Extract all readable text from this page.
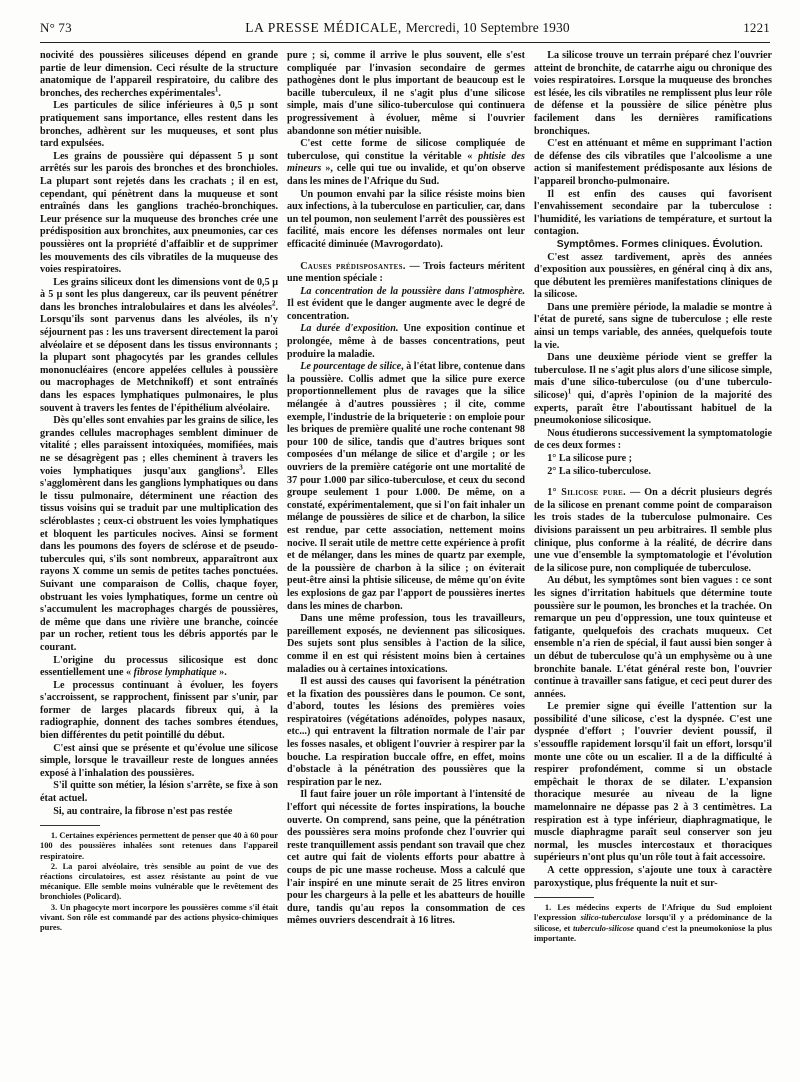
N° 73	LA PRESSE MÉDICALE, Mercredi, 10 Septembre 1930	1221

nocivité des poussières siliceuses dépend en grande partie de leur dimension. Ceci résulte de la structure anatomique de l'appareil respiratoire, du calibre des bronches, des recherches expérimentales$^1$.

Les particules de silice inférieures à 0,5 μ sont pratiquement sans importance, elles restent dans les bronches, adhèrent sur les muqueuses, et sont plus tard expulsées.

Les grains de poussière qui dépassent 5 μ sont arrêtés sur les parois des bronches et des bronchioles. La plupart sont rejetés dans les crachats ; il en est, cependant, qui pénètrent dans la muqueuse et sont entraînés dans les ganglions trachéo-bronchiques. Leur présence sur la muqueuse des bronches crée une prédisposition aux bronchites, aux pneumonies, car ces poussières ont la propriété d'affaiblir et de supprimer les mouvements des cils vibratiles de la muqueuse des voies respiratoires.

Les grains siliceux dont les dimensions vont de 0,5 μ à 5 μ sont les plus dangereux, car ils peuvent pénétrer dans les bronches intralobulaires et dans les alvéoles$^2$. Lorsqu'ils sont parvenus dans les alvéoles, ils n'y séjournent pas : les uns traversent directement la paroi alvéolaire et se déposent dans les tissus environnants ; la plupart sont phagocytés par les grandes cellules mononucléaires (encore appelées cellules à poussière ou macrophages de Metchnikoff) et sont entraînés dans les espaces lymphatiques pulmonaires, le plus souvent à travers les fentes de l'épithélium alvéolaire.

Dès qu'elles sont envahies par les grains de silice, les grandes cellules macrophages semblent diminuer de vitalité ; elles paraissent intoxiquées, momifiées, mais ne se désagrègent pas ; elles cheminent à travers les voies lymphatiques jusqu'aux ganglions$^3$. Elles s'agglomèrent dans les ganglions lymphatiques ou dans le tissu pulmonaire, déterminent une réaction des tissus voisins qui se traduit par une multiplication des scléroblastes ; ceux-ci obstruent les voies lymphatiques et bloquent les particules nocives. Ainsi se forment dans les poumons des foyers de sclérose et de pseudo-tubercules qui, s'ils sont nombreux, apparaîtront aux rayons X comme un semis de petites taches ponctuées. Suivant une comparaison de Collis, chaque foyer, obstruant les voies lymphatiques, forme un centre où s'accumulent les macrophages chargés de poussières, de même que dans une rivière une branche, coincée par un rocher, retient tous les débris apportés par le courant.

L'origine du processus silicosique est donc essentiellement une « fibrose lymphatique ».

Le processus continuant à évoluer, les foyers s'accroissent, se rapprochent, finissent par s'unir, par former de larges placards fibreux qui, à la radiographie, donnent des taches sombres étendues, bien différentes du petit pointillé du début.

C'est ainsi que se présente et qu'évolue une silicose simple, lorsque le travailleur reste de longues années exposé à l'inhalation des poussières.

S'il quitte son métier, la lésion s'arrête, se fixe à son état actuel.

Si, au contraire, la fibrose n'est pas restée

1. Certaines expériences permettent de penser que 40 à 60 pour 100 des poussières inhalées sont retenues dans l'appareil respiratoire.

2. La paroi alvéolaire, très sensible au point de vue des réactions circulatoires, est assez résistante au point de vue mécanique. Elle semble moins vulnérable que le revêtement des bronchioles (Policard).

3. Un phagocyte mort incorpore les poussières comme s'il était vivant. Son rôle est commandé par des actions physico-chimiques pures.

pure ; si, comme il arrive le plus souvent, elle s'est compliquée par l'invasion secondaire de germes pathogènes dont le plus important de beaucoup est le bacille tuberculeux, il ne s'agit plus d'une silicose simple, mais d'une silico-tuberculose qui continuera progressivement à évoluer, même si l'ouvrier abandonne son métier nuisible.

C'est cette forme de silicose compliquée de tuberculose, qui constitue la véritable « phtisie des mineurs », celle qui tue ou invalide, et qu'on observe dans les mines de l'Afrique du Sud.

Un poumon envahi par la silice résiste moins bien aux infections, à la tuberculose en particulier, car, dans un tel poumon, non seulement l'arrêt des poussières est facilité, mais encore les défenses normales ont leur efficacité diminuée (Mavrogordato).

Causes prédisposantes. — Trois facteurs méritent une mention spéciale :

La concentration de la poussière dans l'atmosphère. Il est évident que le danger augmente avec le degré de concentration.

La durée d'exposition. Une exposition continue et prolongée, même à de basses concentrations, peut produire la maladie.

Le pourcentage de silice, à l'état libre, contenue dans la poussière. Collis admet que la silice pure exerce proportionnellement plus de ravages que la silice mélangée à d'autres poussières ; il cite, comme exemple, l'industrie de la briqueterie : on emploie pour les briques de première qualité une roche contenant 98 pour 100 de silice, tandis que d'autres briques sont composées d'un mélange de silice et d'argile ; or les ouvriers de la première catégorie ont une mortalité de 37 pour 1.000 par silico-tuberculose, et ceux du second groupe seulement 1 pour 1.000. De même, on a constaté, expérimentalement, que si l'on fait inhaler un mélange de poussières de silice et de charbon, la silice est rendue, par cette association, nettement moins nocive. Il serait utile de mettre cette expérience à profit et de mélanger, dans les mines de quartz par exemple, de la poussière de charbon à la silice ; on éviterait peut-être ainsi la phtisie siliceuse, de même qu'on évite les explosions de gaz par l'apport de poussières inertes dans les mines de charbon.

Dans une même profession, tous les travailleurs, pareillement exposés, ne deviennent pas silicosiques. Des sujets sont plus sensibles à l'action de la silice, comme il en est qui résistent moins bien à certaines maladies ou à certaines intoxications.

Il est aussi des causes qui favorisent la pénétration et la fixation des poussières dans le poumon. Ce sont, d'abord, toutes les lésions des premières voies respiratoires (végétations adénoïdes, polypes nasaux, etc...) qui entravent la filtration normale de l'air par les fosses nasales, et obligent l'ouvrier à respirer par la bouche. La respiration buccale offre, en effet, moins d'obstacle à la pénétration des poussières que la respiration par le nez.

Il faut faire jouer un rôle important à l'intensité de l'effort qui nécessite de fortes inspirations, la bouche ouverte. On comprend, sans peine, que la pénétration des poussières sera moins profonde chez l'ouvrier qui reste tranquillement assis pendant son travail que chez cet autre qui fait de violents efforts pour abattre à coups de pic une masse rocheuse. Moss a calculé que l'air inspiré en une minute serait de 25 litres environ pour les chargeurs à la pelle et les abatteurs de houille dure, tandis qu'au repos la consommation de ces mêmes ouvriers descendrait à 16 litres.

La silicose trouve un terrain préparé chez l'ouvrier atteint de bronchite, de catarrhe aigu ou chronique des voies respiratoires. Lorsque la muqueuse des bronches est lésée, les cils vibratiles ne remplissent plus leur rôle de défense et la poussière de silice pénètre plus facilement dans les dernières ramifications bronchiques.

C'est en atténuant et même en supprimant l'action de défense des cils vibratiles que l'alcoolisme a une action si manifestement prédisposante aux lésions de l'appareil broncho-pulmonaire.

Il est enfin des causes qui favorisent l'envahissement secondaire par la tuberculose : l'humidité, les variations de température, et surtout la contagion.

Symptômes. Formes cliniques. Évolution.

C'est assez tardivement, après des années d'exposition aux poussières, en général cinq à dix ans, que débutent les premières manifestations cliniques de la silicose.

Dans une première période, la maladie se montre à l'état de pureté, sans signe de tuberculose ; elle reste ainsi un temps variable, des années, quelquefois toute la vie.

Dans une deuxième période vient se greffer la tuberculose. Il ne s'agit plus alors d'une silicose simple, mais d'une silico-tuberculose (ou d'une tuberculo-silicose)$^1$ qui, d'après l'opinion de la majorité des experts, paraît être l'aboutissant habituel de la pneumokoniose silicosique.

Nous étudierons successivement la symptomatologie de ces deux formes :

1° La silicose pure ;

2° La silico-tuberculose.

1° Silicose pure. — On a décrit plusieurs degrés de la silicose en prenant comme point de comparaison les trois stades de la tuberculose pulmonaire. Ces divisions paraissent un peu arbitraires. Il semble plus clinique, plus conforme à la réalité, de décrire dans une vue d'ensemble la symptomatologie et l'évolution de la silicose pure, non compliquée de tuberculose.

Au début, les symptômes sont bien vagues : ce sont les signes d'irritation habituels que détermine toute poussière sur le poumon, les bronches et la trachée. On remarque un peu d'oppression, une toux quinteuse et fatigante, quelquefois des crachats muqueux. Cet ensemble n'a rien de spécial, il faut aussi bien songer à un début de tuberculose qu'à un emphysème ou à une bronchite banale. L'état général reste bon, l'ouvrier continue à travailler sans fatigue, et ceci peut durer des années.

Le premier signe qui éveille l'attention sur la possibilité d'une silicose, c'est la dyspnée. C'est une dyspnée d'effort ; l'ouvrier devient poussif, il s'essouffle rapidement lorsqu'il fait un effort, lorsqu'il monte une côte ou un escalier. Il a de la difficulté à respirer profondément, comme si un obstacle empêchait le thorax de se dilater. L'expansion thoracique mesurée au niveau de la ligne mamelonnaire ne dépasse pas 2 à 3 centimètres. La respiration est à type inférieur, diaphragmatique, le muscle diaphragme paraît seul conserver son jeu normal, les muscles intercostaux et thoraciques supérieurs n'ont plus qu'un rôle tout à fait accessoire.

A cette oppression, s'ajoute une toux à caractère paroxystique, plus fréquente la nuit et sur-

1. Les médecins experts de l'Afrique du Sud emploient l'expression silico-tuberculose lorsqu'il y a prédominance de la silicose, et tuberculo-silicose quand c'est la pneumokoniose la plus importante.
